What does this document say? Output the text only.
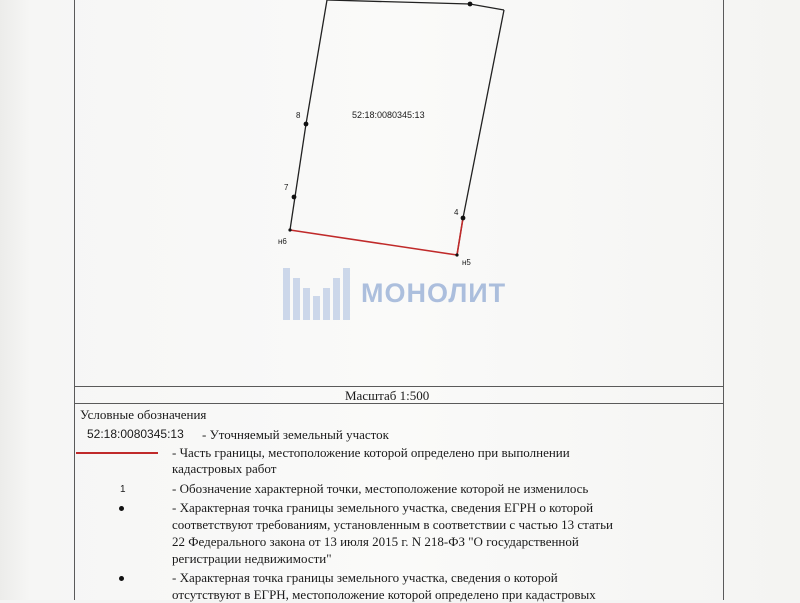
52:18:0080345:13
8
7
4
н6
н5
МОНОЛИТ
Масштаб 1:500
Условные обозначения
52:18:0080345:13 - Уточняемый земельный участок
- Часть границы, местоположение которой определено при выполнении
кадастровых работ
1	- Обозначение характерной точки, местоположение которой не изменилось
- Характерная точка границы земельного участка, сведения ЕГРН о которой
соответствуют требованиям, установленным в соответствии с частью 13 статьи
22 Федерального закона от 13 июля 2015 г. N 218-ФЗ "О государственной
регистрации недвижимости"
- Характерная точка границы земельного участка, сведения о которой
отсутствуют в ЕГРН, местоположение которой определено при кадастровых
